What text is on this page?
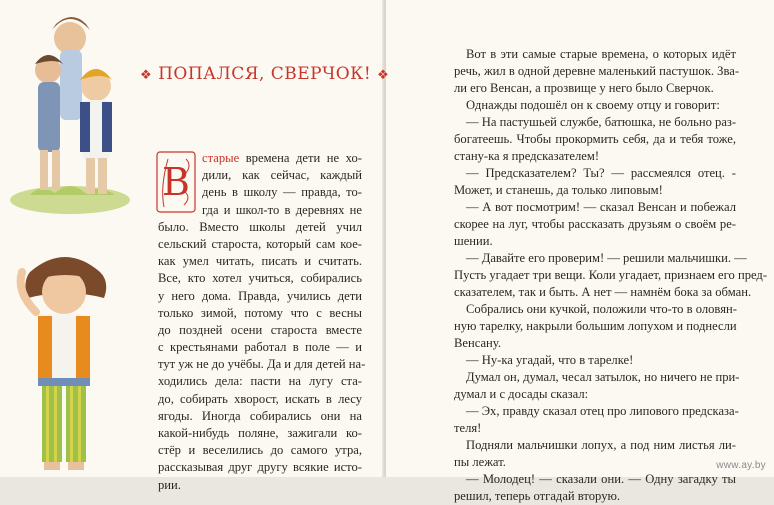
❖ ПОПАЛСЯ, СВЕРЧОК! ❖
В
старые времена дети не хо-
дили, как сейчас, каждый
день в школу — правда, то-
гда и школ-то в деревнях не
было. Вместо школы детей учил
сельский староста, который сам кое-
как умел читать, писать и считать.
Все, кто хотел учиться, собирались
у него дома. Правда, учились дети
только зимой, потому что с весны
до поздней осени староста вместе
с крестьянами работал в поле — и
тут уж не до учёбы. Да и для детей на-
ходились дела: пасти на лугу ста-
до, собирать хворост, искать в лесу
ягоды. Иногда собирались они на
какой-нибудь поляне, зажигали ко-
стёр и веселились до самого утра,
рассказывая друг другу всякие исто-
рии.
Вот в эти самые старые времена, о которых идёт
речь, жил в одной деревне маленький пастушок. Зва-
ли его Венсан, а прозвище у него было Сверчок.
Однажды подошёл он к своему отцу и говорит:
— На пастушьей службе, батюшка, не больно раз-
богатеешь. Чтобы прокормить себя, да и тебя тоже,
стану-ка я предсказателем!
— Предсказателем? Ты? — рассмеялся отец. -
Может, и станешь, да только липовым!
— А вот посмотрим! — сказал Венсан и побежал
скорее на луг, чтобы рассказать друзьям о своём ре-
шении.
— Давайте его проверим! — решили мальчишки. —
Пусть угадает три вещи. Коли угадает, признаем его пред-
сказателем, так и быть. А нет — намнём бока за обман.
Собрались они кучкой, положили что-то в оловян-
ную тарелку, накрыли большим лопухом и поднесли
Венсану.
— Ну-ка угадай, что в тарелке!
Думал он, думал, чесал затылок, но ничего не при-
думал и с досады сказал:
— Эх, правду сказал отец про липового предсказа-
теля!
Подняли мальчишки лопух, а под ним листья ли-
пы лежат.
— Молодец! — сказали они. — Одну загадку ты
решил, теперь отгадай вторую.
www.ay.by
